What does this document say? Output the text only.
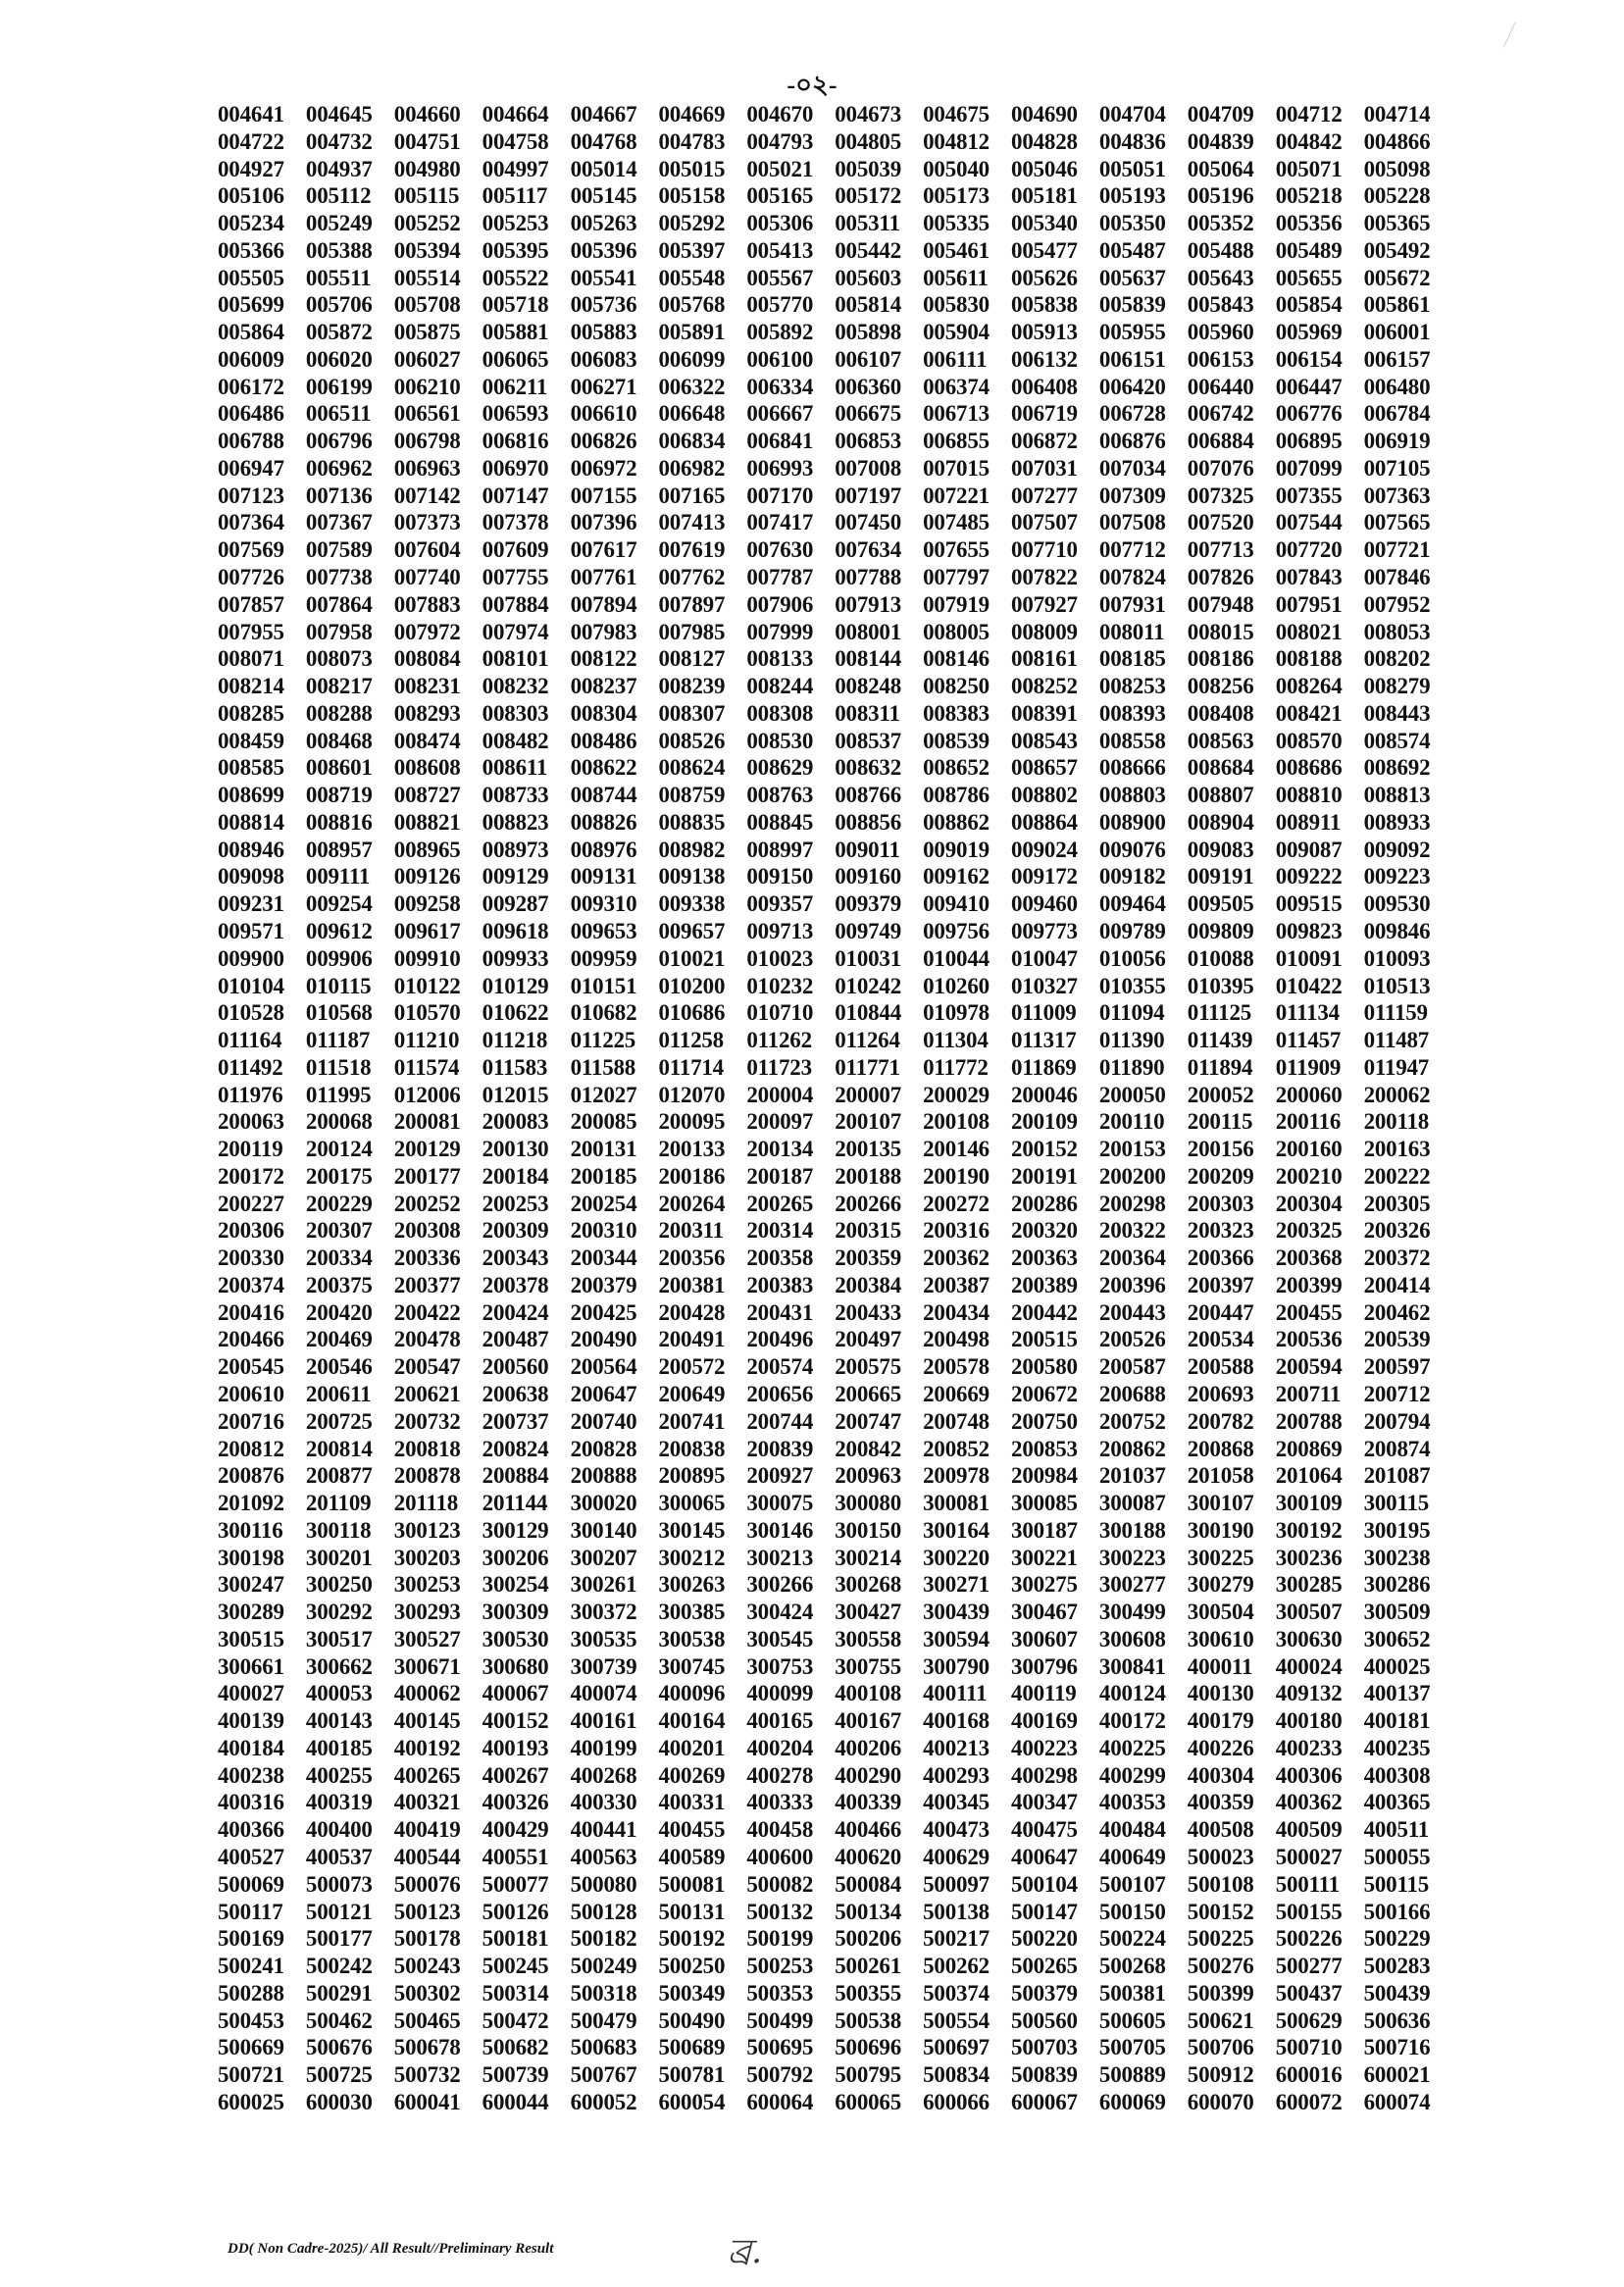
-০২-
004641 004645 004660 004664 004667 004669 004670 004673 004675 004690 004704 004709 004712 004714
004722 004732 004751 004758 004768 004783 004793 004805 004812 004828 004836 004839 004842 004866
004927 004937 004980 004997 005014 005015 005021 005039 005040 005046 005051 005064 005071 005098
005106 005112	005115	005117	005145 005158 005165 005172 005173 005181 005193 005196 005218 005228
005234 005249 005252 005253 005263 005292 005306 005311	005335 005340 005350 005352 005356 005365
005366 005388 005394 005395 005396 005397 005413 005442 005461 005477 005487 005488 005489 005492
005505 005511	005514 005522 005541 005548 005567 005603 005611	005626 005637 005643 005655 005672
005699 005706 005708 005718 005736 005768 005770 005814 005830 005838 005839 005843 005854 005861
005864 005872 005875 005881 005883 005891 005892 005898 005904 005913 005955 005960 005969 006001
006009 006020 006027 006065 006083 006099 006100 006107 006111	006132 006151 006153 006154 006157
006172 006199 006210 006211	006271 006322 006334 006360 006374 006408 006420 006440 006447 006480
006486 006511	006561 006593 006610 006648 006667 006675 006713 006719 006728 006742 006776 006784
006788 006796 006798 006816 006826 006834 006841 006853 006855 006872 006876 006884 006895 006919
006947 006962 006963 006970 006972 006982 006993 007008 007015 007031 007034 007076 007099 007105
007123 007136 007142 007147 007155 007165 007170 007197 007221 007277 007309 007325 007355 007363
007364 007367 007373 007378 007396 007413 007417 007450 007485 007507 007508 007520 007544 007565
007569 007589 007604 007609 007617 007619 007630 007634 007655 007710 007712 007713 007720 007721
007726 007738 007740 007755 007761 007762 007787 007788 007797 007822 007824 007826 007843 007846
007857 007864 007883 007884 007894 007897 007906 007913 007919 007927 007931 007948 007951 007952
007955 007958 007972 007974 007983 007985 007999 008001 008005 008009 008011	008015 008021 008053
008071 008073 008084 008101 008122 008127 008133 008144 008146 008161 008185 008186 008188 008202
008214 008217 008231 008232 008237 008239 008244 008248 008250 008252 008253 008256 008264 008279
008285 008288 008293 008303 008304 008307 008308 008311	008383 008391 008393 008408 008421 008443
008459 008468 008474 008482 008486 008526 008530 008537 008539 008543 008558 008563 008570 008574
008585 008601 008608 008611	008622 008624 008629 008632 008652 008657 008666 008684 008686 008692
008699 008719 008727 008733 008744 008759 008763 008766 008786 008802 008803 008807 008810 008813
008814 008816 008821 008823 008826 008835 008845 008856 008862 008864 008900 008904 008911	008933
008946 008957 008965 008973 008976 008982 008997 009011	009019 009024 009076 009083 009087 009092
009098 009111	009126 009129 009131 009138 009150 009160 009162 009172 009182 009191 009222 009223
009231 009254 009258 009287 009310 009338 009357 009379 009410 009460 009464 009505 009515 009530
009571 009612 009617 009618 009653 009657 009713 009749 009756 009773 009789 009809 009823 009846
009900 009906 009910 009933 009959 010021 010023 010031 010044 010047 010056 010088 010091 010093
010104 010115	010122 010129 010151 010200 010232 010242 010260 010327 010355 010395 010422 010513
010528 010568 010570 010622 010682 010686 010710 010844 010978 011009	011094	011125	011134	011159
011164	011187	011210	011218	011225	011258	011262	011264	011304	011317	011390	011439	011457	011487
011492	011518	011574	011583	011588	011714	011723	011771	011772	011869	011890	011894	011909	011947
011976	011995	012006 012015 012027 012070 200004 200007 200029 200046 200050 200052 200060 200062
200063 200068 200081 200083 200085 200095 200097 200107 200108 200109 200110	200115	200116	200118
200119	200124 200129 200130 200131 200133 200134 200135 200146 200152 200153 200156 200160 200163
200172 200175 200177 200184 200185 200186 200187 200188 200190 200191 200200 200209 200210 200222
200227 200229 200252 200253 200254 200264 200265 200266 200272 200286 200298 200303 200304 200305
200306 200307 200308 200309 200310 200311	200314 200315 200316 200320 200322 200323 200325 200326
200330 200334 200336 200343 200344 200356 200358 200359 200362 200363 200364 200366 200368 200372
200374 200375 200377 200378 200379 200381 200383 200384 200387 200389 200396 200397 200399 200414
200416 200420 200422 200424 200425 200428 200431 200433 200434 200442 200443 200447 200455 200462
200466 200469 200478 200487 200490 200491 200496 200497 200498 200515 200526 200534 200536 200539
200545 200546 200547 200560 200564 200572 200574 200575 200578 200580 200587 200588 200594 200597
200610 200611	200621 200638 200647 200649 200656 200665 200669 200672 200688 200693 200711	200712
200716 200725 200732 200737 200740 200741 200744 200747 200748 200750 200752 200782 200788 200794
200812 200814 200818 200824 200828 200838 200839 200842 200852 200853 200862 200868 200869 200874
200876 200877 200878 200884 200888 200895 200927 200963 200978 200984 201037 201058 201064 201087
201092 201109	201118	201144	300020 300065 300075 300080 300081 300085 300087 300107 300109 300115
300116	300118	300123 300129 300140 300145 300146 300150 300164 300187 300188 300190 300192 300195
300198 300201 300203 300206 300207 300212 300213 300214 300220 300221 300223 300225 300236 300238
300247 300250 300253 300254 300261 300263 300266 300268 300271 300275 300277 300279 300285 300286
300289 300292 300293 300309 300372 300385 300424 300427 300439 300467 300499 300504 300507 300509
300515 300517 300527 300530 300535 300538 300545 300558 300594 300607 300608 300610 300630 300652
300661 300662 300671 300680 300739 300745 300753 300755 300790 300796 300841 400011	400024 400025
400027 400053 400062 400067 400074 400096 400099 400108 400111	400119	400124 400130 409132 400137
400139 400143 400145 400152 400161 400164 400165 400167 400168 400169 400172 400179 400180 400181
400184 400185 400192 400193 400199 400201 400204 400206 400213 400223 400225 400226 400233 400235
400238 400255 400265 400267 400268 400269 400278 400290 400293 400298 400299 400304 400306 400308
400316 400319 400321 400326 400330 400331 400333 400339 400345 400347 400353 400359 400362 400365
400366 400400 400419 400429 400441 400455 400458 400466 400473 400475 400484 400508 400509 400511
400527 400537 400544 400551 400563 400589 400600 400620 400629 400647 400649 500023 500027 500055
500069 500073 500076 500077 500080 500081 500082 500084 500097 500104 500107 500108 500111	500115
500117	500121 500123 500126 500128 500131 500132 500134 500138 500147 500150 500152 500155 500166
500169 500177 500178 500181 500182 500192 500199 500206 500217 500220 500224 500225 500226 500229
500241 500242 500243 500245 500249 500250 500253 500261 500262 500265 500268 500276 500277 500283
500288 500291 500302 500314 500318 500349 500353 500355 500374 500379 500381 500399 500437 500439
500453 500462 500465 500472 500479 500490 500499 500538 500554 500560 500605 500621 500629 500636
500669 500676 500678 500682 500683 500689 500695 500696 500697 500703 500705 500706 500710 500716
500721 500725 500732 500739 500767 500781 500792 500795 500834 500839 500889 500912 600016 600021
600025 600030 600041 600044 600052 600054 600064 600065 600066 600067 600069 600070 600072 600074
DD( Non Cadre-2025)/ All Result//Preliminary Result	ব্র.
